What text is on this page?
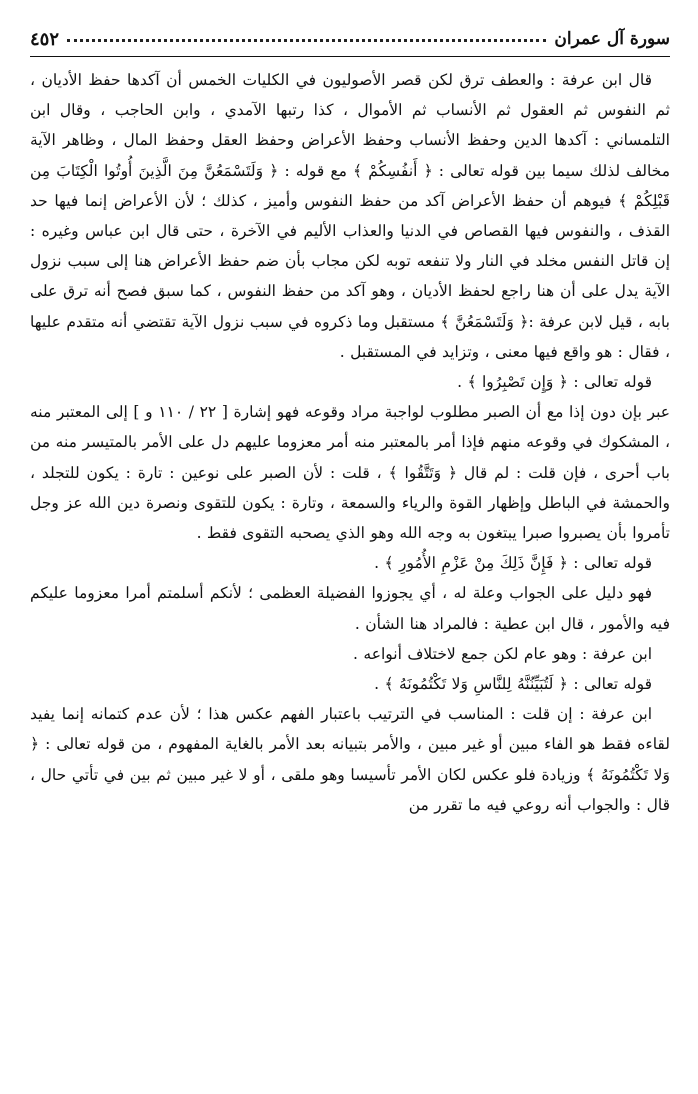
سورة آل عمران
٤٥٢

قال ابن عرفة : والعطف ترق لكن قصر الأصوليون في الكليات الخمس أن آكدها حفظ الأديان ، ثم النفوس ثم العقول ثم الأنساب ثم الأموال ، كذا رتبها الآمدي ، وابن الحاجب ، وقال ابن التلمساني : آكدها الدين وحفظ الأنساب وحفظ الأعراض وحفظ العقل وحفظ المال ، وظاهر الآية مخالف لذلك سيما بين قوله تعالى : ﴿ أَنفُسِكُمْ ﴾ مع قوله : ﴿ وَلَتَسْمَعُنَّ مِنَ الَّذِينَ أُوتُوا الْكِتَابَ مِن قَبْلِكُمْ ﴾ فيوهم أن حفظ الأعراض آكد من حفظ النفوس وأميز ، كذلك ؛ لأن الأعراض إنما فيها حد القذف ، والنفوس فيها القصاص في الدنيا والعذاب الأليم في الآخرة ، حتى قال ابن عباس وغيره : إن قاتل النفس مخلد في النار ولا تنفعه توبه لكن مجاب بأن ضم حفظ الأعراض هنا إلى سبب نزول الآية يدل على أن هنا راجع لحفظ الأديان ، وهو آكد من حفظ النفوس ، كما سبق فصح أنه ترق على بابه ، قيل لابن عرفة :﴿ وَلَتَسْمَعُنَّ ﴾ مستقبل وما ذكروه في سبب نزول الآية تقتضي أنه متقدم عليها ، فقال : هو واقع فيها معنى ، وتزايد في المستقبل .

قوله تعالى : ﴿ وَإِن تَصْبِرُوا ﴾ .

عبر بإن دون إذا مع أن الصبر مطلوب لواجبة مراد وقوعه فهو إشارة [ ٢٢ / ١١٠ و ] إلى المعتبر منه ، المشكوك في وقوعه منهم فإذا أمر بالمعتبر منه أمر معزوما عليهم دل على الأمر بالمتيسر منه من باب أحرى ، فإن قلت : لم قال ﴿ وَتَتَّقُوا ﴾ ، قلت : لأن الصبر على نوعين : تارة : يكون للتجلد ، والحمشة في الباطل وإظهار القوة والرياء والسمعة ، وتارة : يكون للتقوى ونصرة دين الله عز وجل تأمروا بأن يصبروا صبرا يبتغون به وجه الله وهو الذي يصحبه التقوى فقط .

قوله تعالى : ﴿ فَإِنَّ ذَلِكَ مِنْ عَزْمِ الأُمُورِ ﴾ .

فهو دليل على الجواب وعلة له ، أي يجوزوا الفضيلة العظمى ؛ لأنكم أسلمتم أمرا معزوما عليكم فيه والأمور ، قال ابن عطية : فالمراد هنا الشأن .

ابن عرفة : وهو عام لكن جمع لاختلاف أنواعه .

قوله تعالى : ﴿ لَتُبَيِّنُنَّهُ لِلنَّاسِ وَلا تَكْتُمُونَهُ ﴾ .

ابن عرفة : إن قلت : المناسب في الترتيب باعتبار الفهم عكس هذا ؛ لأن عدم كتمانه إنما يفيد لقاءه فقط هو الفاء مبين أو غير مبين ، والأمر بتبيانه بعد الأمر بالغاية المفهوم ، من قوله تعالى : ﴿ وَلا تَكْتُمُونَهُ ﴾ وزيادة فلو عكس لكان الأمر تأسيسا وهو ملقى ، أو لا غير مبين ثم بين في تأتي حال ، قال : والجواب أنه روعي فيه ما تقرر من
